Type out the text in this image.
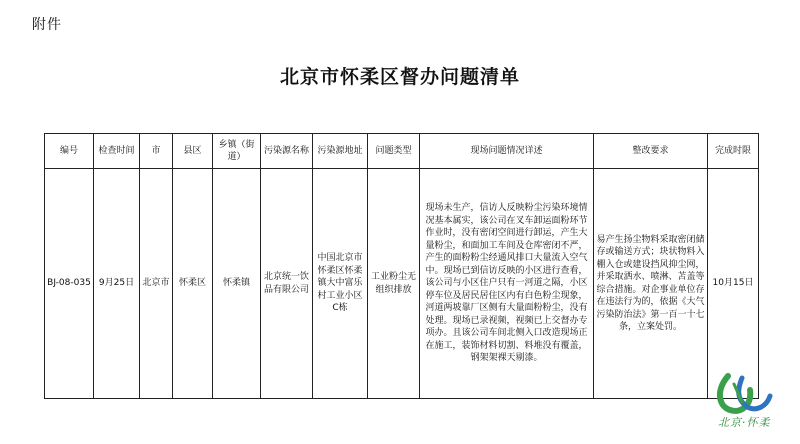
附件
北京市怀柔区督办问题清单
编号	检查时间	市	县区	乡镇（街道）	污染源名称	污染源地址	问题类型	现场问题情况详述	整改要求	完成时限
BJ-08-035	9月25日	北京市	怀柔区	怀柔镇	北京统一饮品有限公司	中国北京市怀柔区怀柔镇大中富乐村工业小区C栋	工业粉尘无组织排放	现场未生产，信访人反映粉尘污染环境情况基本属实，该公司在叉车卸运面粉环节作业时，没有密闭空间进行卸运，产生大量粉尘，和面加工车间及仓库密闭不严，产生的面粉粉尘经通风排口大量流入空气中。现场已到信访反映的小区进行查看，该公司与小区住户只有一河道之隔，小区停车位及居民居住区内有白色粉尘现象，河道两坡靠厂区侧有大量面粉粉尘，没有处理。现场已录视频，视频已上交督办专项办。且该公司车间北侧入口改造现场正在施工，装饰材料切割、料堆没有覆盖，钢架架裸天剔漆。	易产生扬尘物料采取密闭储存或输送方式；块状物料入棚入仓或建设挡风抑尘网，并采取洒水、喷淋、苫盖等综合措施。对企事业单位存在违法行为的，依据《大气污染防治法》第一百一十七条，立案处罚。	10月15日
北京·怀柔
